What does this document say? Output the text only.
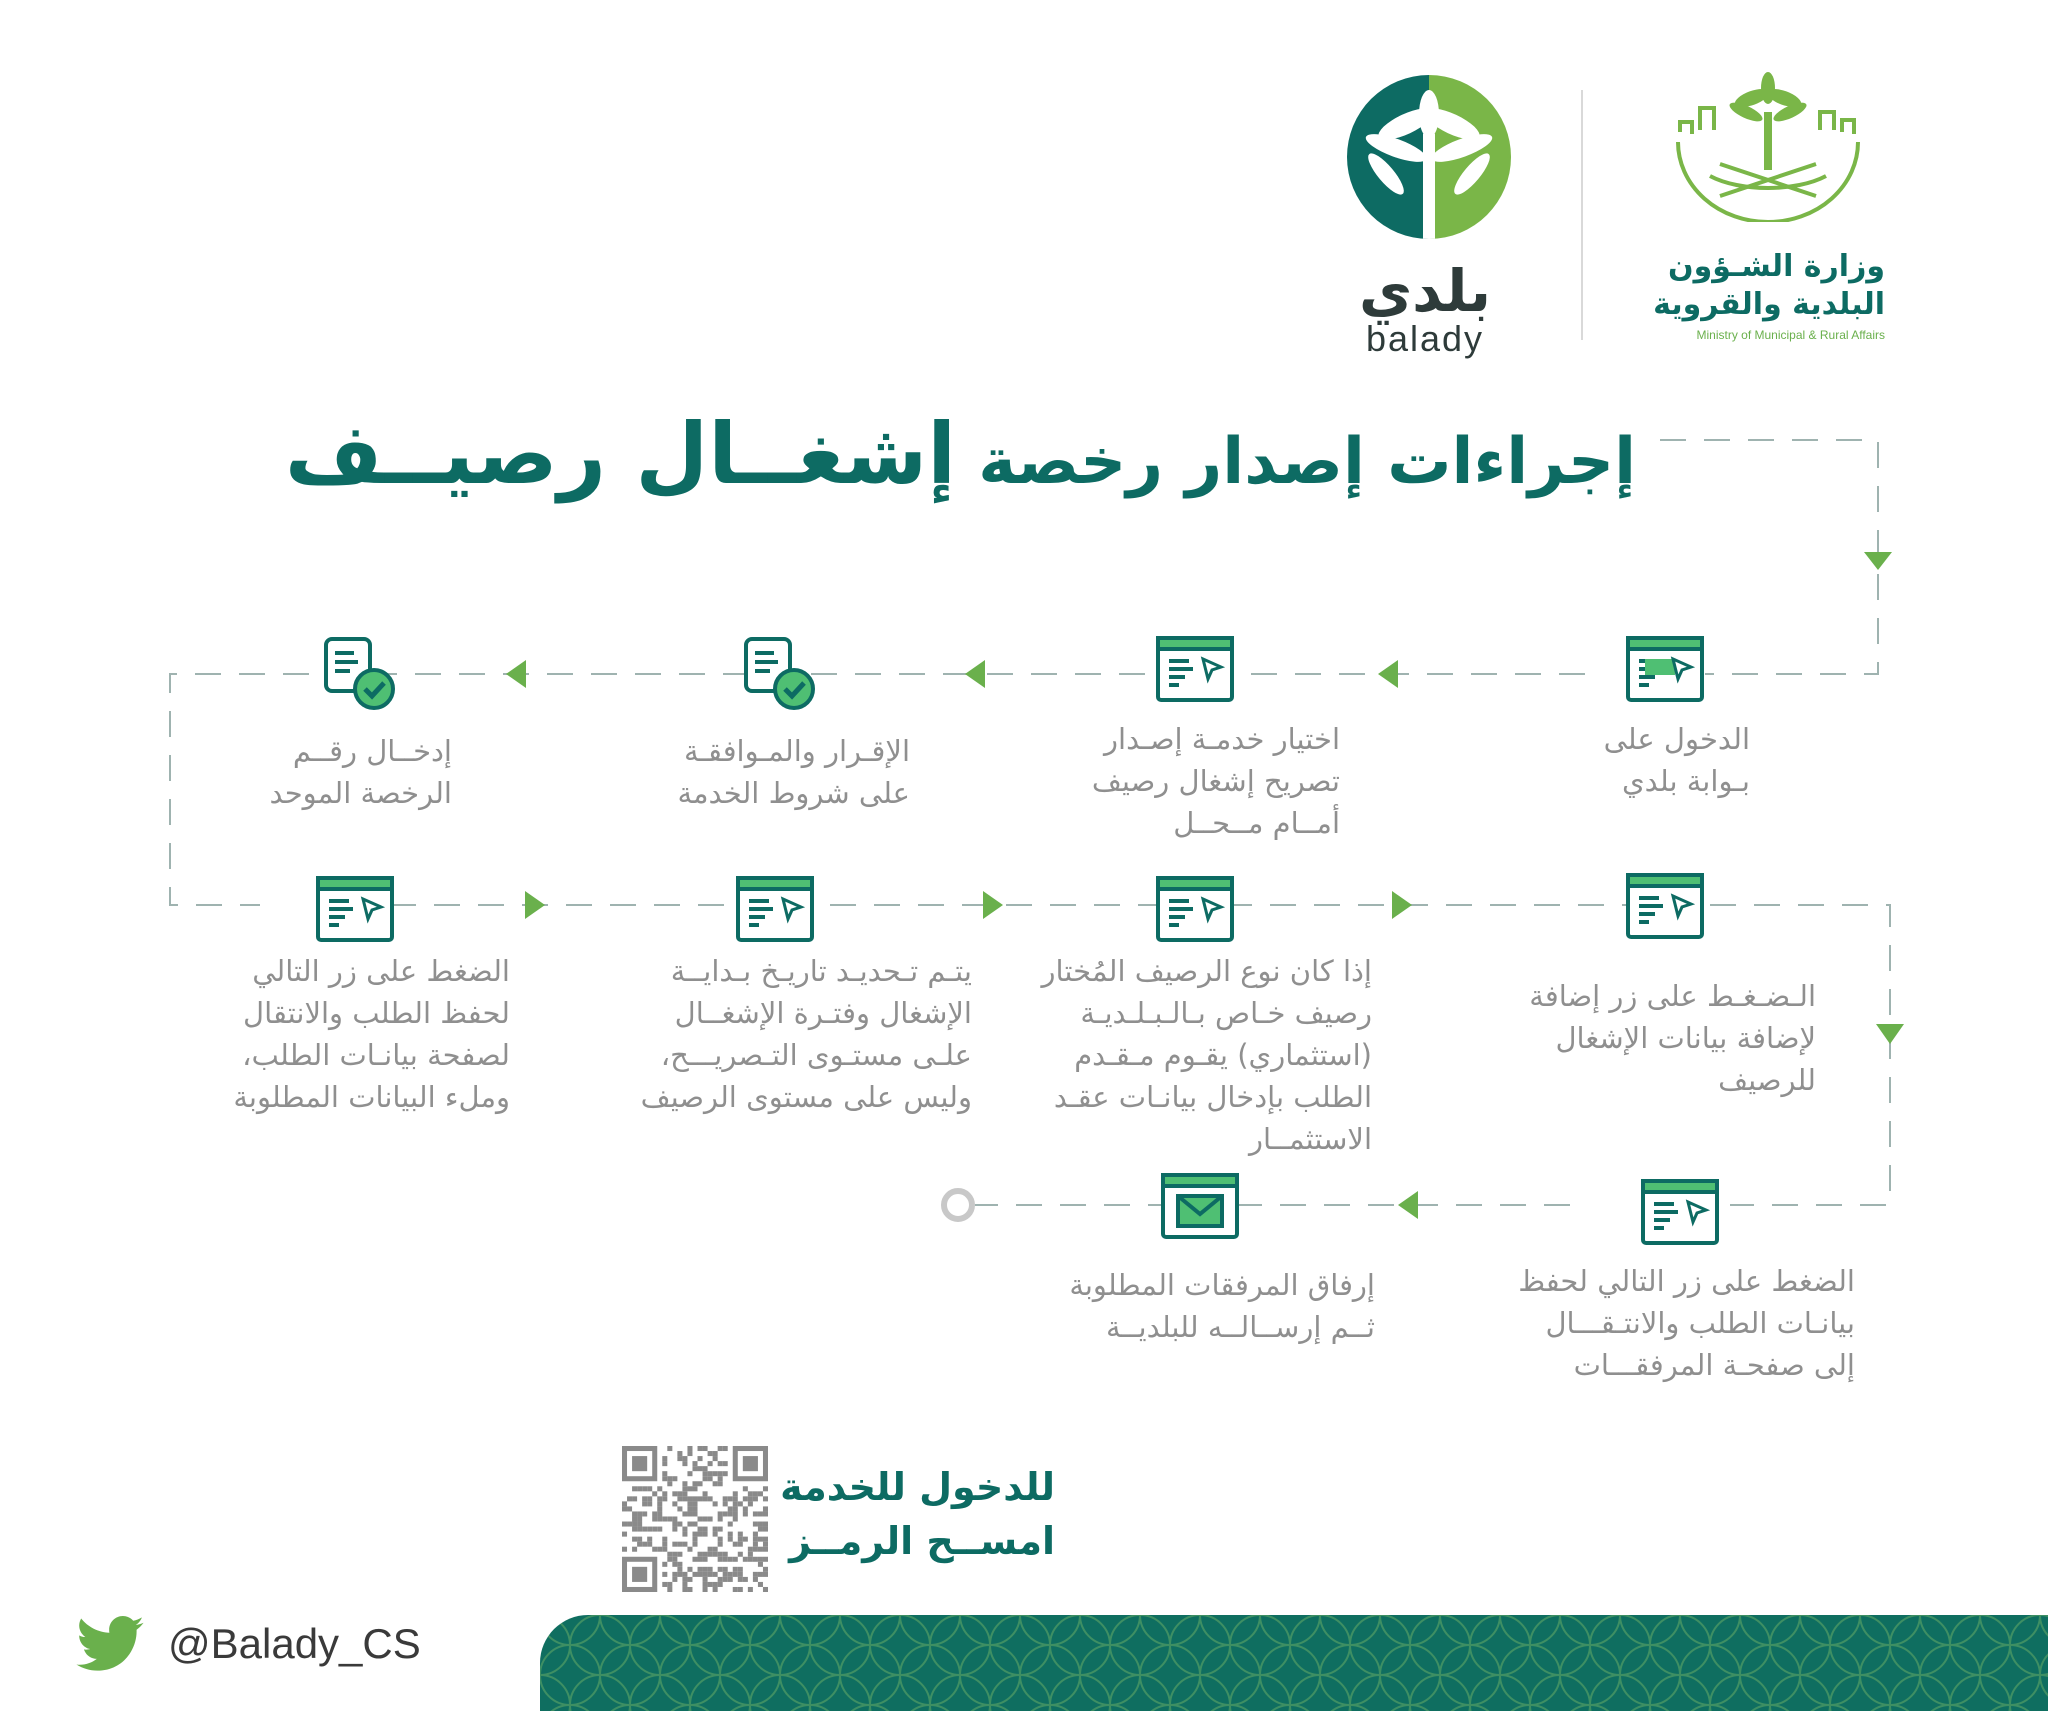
وزارة الشـؤون
البلدية والقروية
Ministry of Municipal & Rural Affairs
بلدي
balady
إجراءات إصدار رخصة إشغــال رصيــف
الدخول على
بـوابة بلدي
اختيار خدمـة إصـدار
تصريح إشغال رصيف
أمــام مــحــل
الإقـرار والمـوافقـة
على شروط الخدمة
إدخــال رقــم
الرخصة الموحد
الضغط على زر التالي
لحفظ الطلب والانتقال
لصفحة بيانـات الطلب،
وملء البيانات المطلوبة
يتـم تـحديـد تاريـخ بـدايــة
الإشغال وفتـرة الإشغــال
علـى مستـوى التـصريـــح،
وليس على مستوى الرصيف
إذا كان نوع الرصيف المُختار
رصيف خـاص بـالـبـلـديـة
(استثماري) يقـوم مـقـدم
الطلب بإدخال بيانـات عقـد
الاستثمــار
الـضـغـط على زر إضافة
لإضافة بيانات الإشغال
للرصيف
الضغط على زر التالي لحفظ
بيانـات الطلب والانتـقـــال
إلى صفحـة المرفقـــات
إرفاق المرفقات المطلوبة
ثــم إرســالــه للبلديــة
للدخول للخدمة
امســح الرمــز
@Balady_CS
